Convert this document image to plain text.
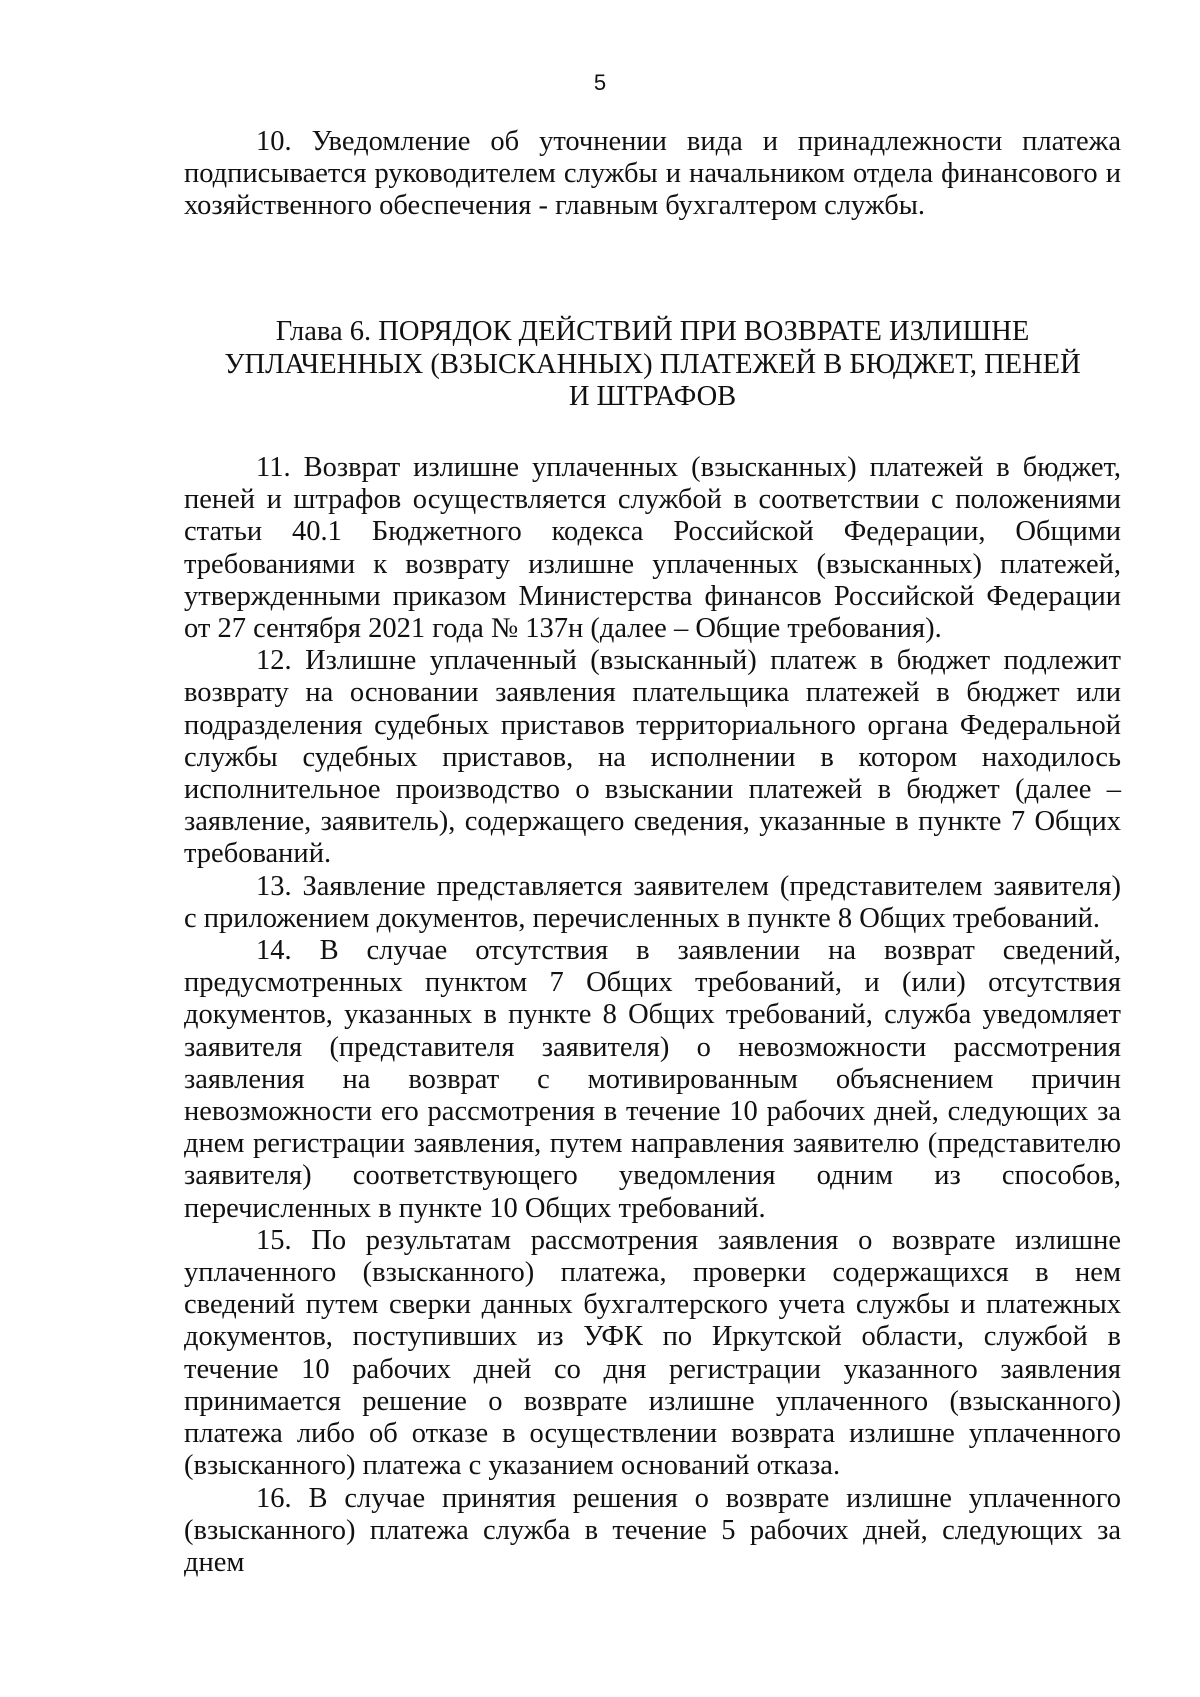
5

10. Уведомление об уточнении вида и принадлежности платежа подписывается руководителем службы и начальником отдела финансового и хозяйственного обеспечения - главным бухгалтером службы.

Глава 6. ПОРЯДОК ДЕЙСТВИЙ ПРИ ВОЗВРАТЕ ИЗЛИШНЕ
УПЛАЧЕННЫХ (ВЗЫСКАННЫХ) ПЛАТЕЖЕЙ В БЮДЖЕТ, ПЕНЕЙ
И ШТРАФОВ

11. Возврат излишне уплаченных (взысканных) платежей в бюджет, пеней и штрафов осуществляется службой в соответствии с положениями статьи 40.1 Бюджетного кодекса Российской Федерации, Общими требованиями к возврату излишне уплаченных (взысканных) платежей, утвержденными приказом Министерства финансов Российской Федерации от 27 сентября 2021 года № 137н (далее – Общие требования).

12. Излишне уплаченный (взысканный) платеж в бюджет подлежит возврату на основании заявления плательщика платежей в бюджет или подразделения судебных приставов территориального органа Федеральной службы судебных приставов, на исполнении в котором находилось исполнительное производство о взыскании платежей в бюджет (далее – заявление, заявитель), содержащего сведения, указанные в пункте 7 Общих требований.

13. Заявление представляется заявителем (представителем заявителя) с приложением документов, перечисленных в пункте 8 Общих требований.

14. В случае отсутствия в заявлении на возврат сведений, предусмотренных пунктом 7 Общих требований, и (или) отсутствия документов, указанных в пункте 8 Общих требований, служба уведомляет заявителя (представителя заявителя) о невозможности рассмотрения заявления на возврат с мотивированным объяснением причин невозможности его рассмотрения в течение 10 рабочих дней, следующих за днем регистрации заявления, путем направления заявителю (представителю заявителя) соответствующего уведомления одним из способов, перечисленных в пункте 10 Общих требований.

15. По результатам рассмотрения заявления о возврате излишне уплаченного (взысканного) платежа, проверки содержащихся в нем сведений путем сверки данных бухгалтерского учета службы и платежных документов, поступивших из УФК по Иркутской области, службой в течение 10 рабочих дней со дня регистрации указанного заявления принимается решение о возврате излишне уплаченного (взысканного) платежа либо об отказе в осуществлении возврата излишне уплаченного (взысканного) платежа с указанием оснований отказа.

16. В случае принятия решения о возврате излишне уплаченного (взысканного) платежа служба в течение 5 рабочих дней, следующих за днем
